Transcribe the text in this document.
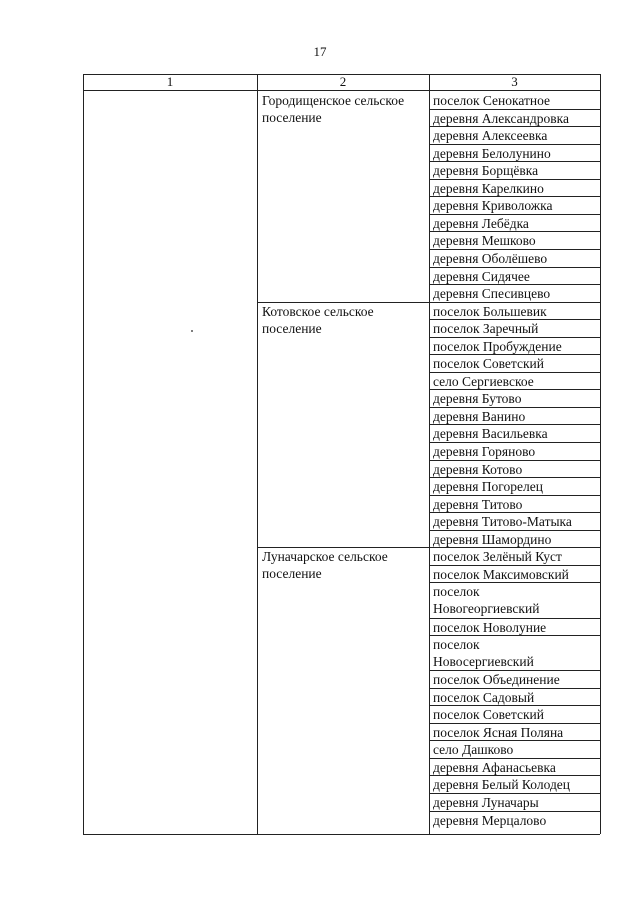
17
1	2	3
Городищенское сельское поселение
поселок Сенокатное
деревня Александровка
деревня Алексеевка
деревня Белолунино
деревня Борщёвка
деревня Карелкино
деревня Криволожка
деревня Лебёдка
деревня Мешково
деревня Оболёшево
деревня Сидячее
деревня Спесивцево
Котовское сельское поселение
поселок Большевик
поселок Заречный
поселок Пробуждение
поселок Советский
село Сергиевское
деревня Бутово
деревня Ванино
деревня Васильевка
деревня Горяново
деревня Котово
деревня Погорелец
деревня Титово
деревня Титово-Матыка
деревня Шамордино
Луначарское сельское поселение
поселок Зелёный Куст
поселок Максимовский
поселок Новогеоргиевский
поселок Новолуние
поселок Новосергиевский
поселок Объединение
поселок Садовый
поселок Советский
поселок Ясная Поляна
село Дашково
деревня Афанасьевка
деревня Белый Колодец
деревня Луначары
деревня Мерцалово
